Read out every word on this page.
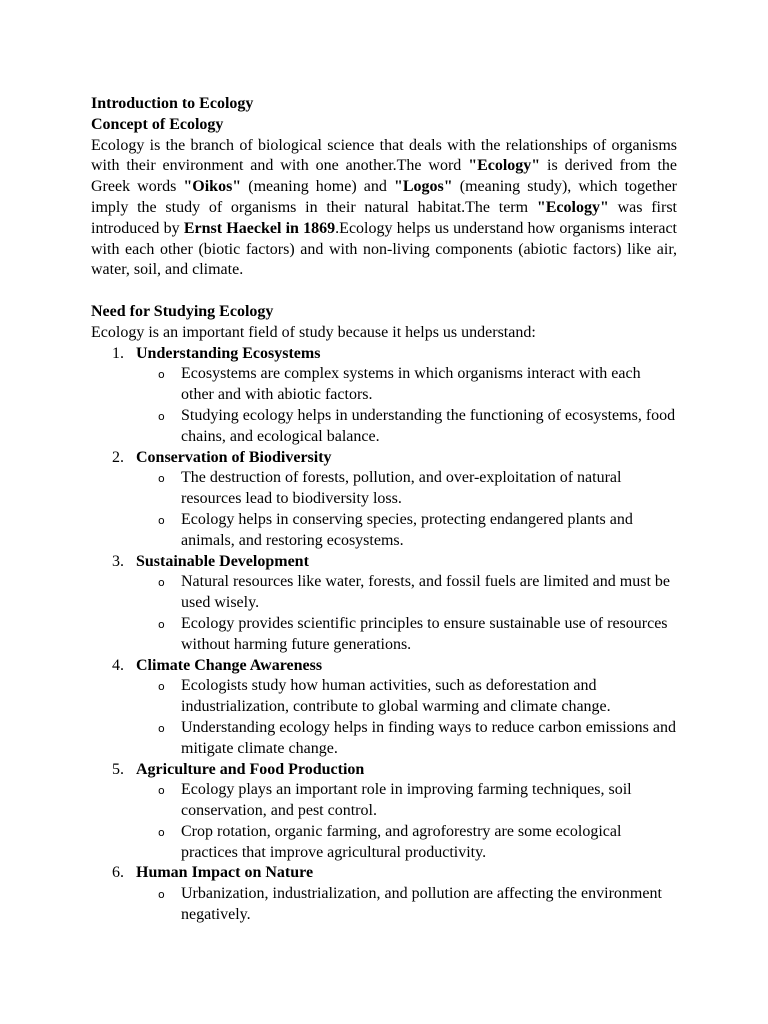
Introduction to Ecology
Concept of Ecology

Ecology is the branch of biological science that deals with the relationships of organisms with their environment and with one another.The word "Ecology" is derived from the Greek words "Oikos" (meaning home) and "Logos" (meaning study), which together imply the study of organisms in their natural habitat.The term "Ecology" was first introduced by Ernst Haeckel in 1869.Ecology helps us understand how organisms interact with each other (biotic factors) and with non-living components (abiotic factors) like air, water, soil, and climate.

Need for Studying Ecology

Ecology is an important field of study because it helps us understand:

1. Understanding Ecosystems
o Ecosystems are complex systems in which organisms interact with each other and with abiotic factors.
o Studying ecology helps in understanding the functioning of ecosystems, food chains, and ecological balance.
2. Conservation of Biodiversity
o The destruction of forests, pollution, and over-exploitation of natural resources lead to biodiversity loss.
o Ecology helps in conserving species, protecting endangered plants and animals, and restoring ecosystems.
3. Sustainable Development
o Natural resources like water, forests, and fossil fuels are limited and must be used wisely.
o Ecology provides scientific principles to ensure sustainable use of resources without harming future generations.
4. Climate Change Awareness
o Ecologists study how human activities, such as deforestation and industrialization, contribute to global warming and climate change.
o Understanding ecology helps in finding ways to reduce carbon emissions and mitigate climate change.
5. Agriculture and Food Production
o Ecology plays an important role in improving farming techniques, soil conservation, and pest control.
o Crop rotation, organic farming, and agroforestry are some ecological practices that improve agricultural productivity.
6. Human Impact on Nature
o Urbanization, industrialization, and pollution are affecting the environment negatively.
